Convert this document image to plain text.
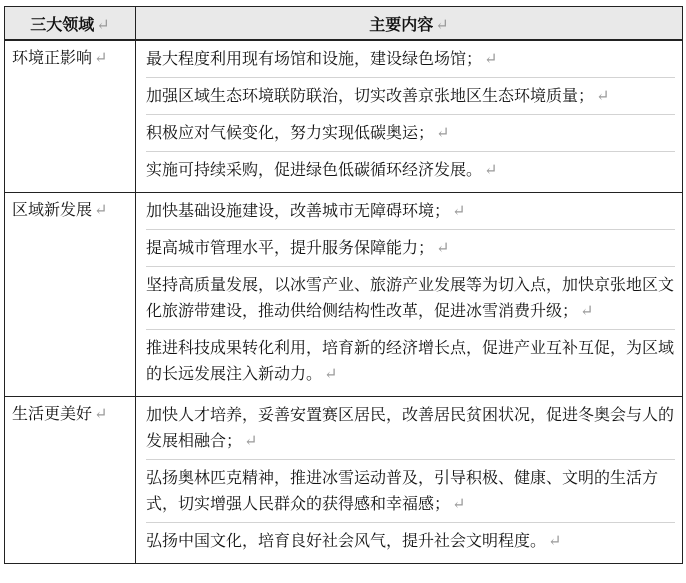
三大领域 ↵	主要内容 ↵
环境正影响 ↵	最大程度利用现有场馆和设施，建设绿色场馆； ↵
加强区域生态环境联防联治，切实改善京张地区生态环境质量； ↵
积极应对气候变化，努力实现低碳奥运； ↵
实施可持续采购，促进绿色低碳循环经济发展。 ↵

区域新发展 ↵	加快基础设施建设，改善城市无障碍环境； ↵
提高城市管理水平，提升服务保障能力； ↵
坚持高质量发展，以冰雪产业、旅游产业发展等为切入点，加快京张地区文化旅游带建设，推动供给侧结构性改革，促进冰雪消费升级； ↵
推进科技成果转化利用，培育新的经济增长点，促进产业互补互促，为区域的长远发展注入新动力。 ↵

生活更美好 ↵	加快人才培养，妥善安置赛区居民，改善居民贫困状况，促进冬奥会与人的发展相融合； ↵
弘扬奥林匹克精神，推进冰雪运动普及，引导积极、健康、文明的生活方式，切实增强人民群众的获得感和幸福感； ↵
弘扬中国文化，培育良好社会风气，提升社会文明程度。 ↵
